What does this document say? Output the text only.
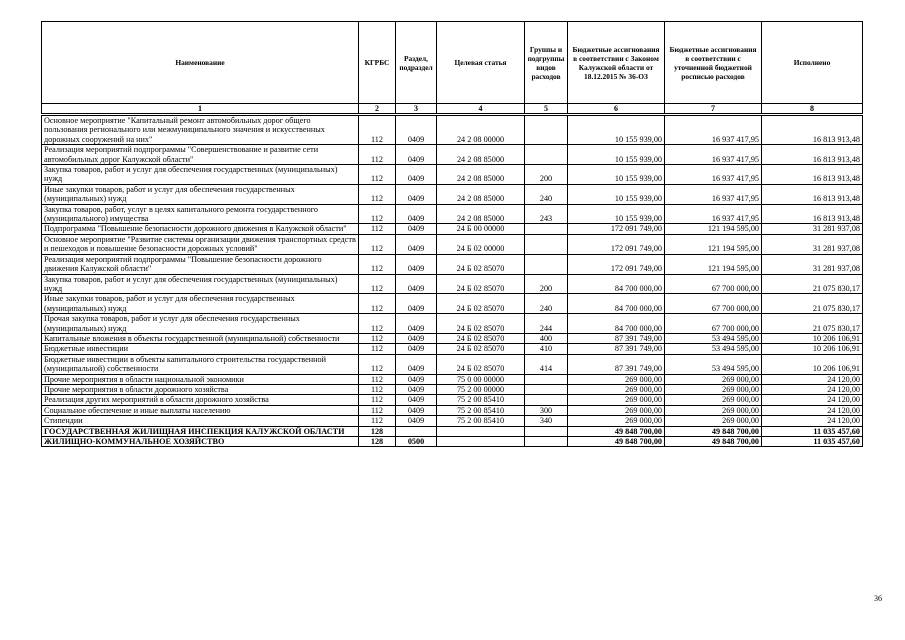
Наименование	КГРБС	Раздел, подраздел	Целевая статья	Группы и подгруппы видов расходов	Бюджетные ассигнования в соответствии с Законом Калужской области от 18.12.2015 № 36-ОЗ	Бюджетные ассигнования в соответствии с уточненной бюджетной росписью расходов	Исполнено
1	2	3	4	5	6	7	8
Основное мероприятие "Капитальный ремонт автомобильных дорог общего пользования регионального или межмуниципального значения и искусственных дорожных сооружений на них"	112	0409	24 2 08 00000		10 155 939,00	16 937 417,95	16 813 913,48
Реализация мероприятий подпрограммы "Совершенствование и развитие сети автомобильных дорог Калужской области"	112	0409	24 2 08 85000		10 155 939,00	16 937 417,95	16 813 913,48
Закупка товаров, работ и услуг для обеспечения государственных (муниципальных) нужд	112	0409	24 2 08 85000	200	10 155 939,00	16 937 417,95	16 813 913,48
Иные закупки товаров, работ и услуг для обеспечения государственных (муниципальных) нужд	112	0409	24 2 08 85000	240	10 155 939,00	16 937 417,95	16 813 913,48
Закупка товаров, работ, услуг в целях капитального ремонта государственного (муниципального) имущества	112	0409	24 2 08 85000	243	10 155 939,00	16 937 417,95	16 813 913,48
Подпрограмма "Повышение безопасности дорожного движения в Калужской области"	112	0409	24 Б 00 00000		172 091 749,00	121 194 595,00	31 281 937,08
Основное мероприятие "Развитие системы организации движения транспортных средств и пешеходов и повышение безопасности дорожных условий"	112	0409	24 Б 02 00000		172 091 749,00	121 194 595,00	31 281 937,08
Реализация мероприятий подпрограммы "Повышение безопасности дорожного движения Калужской области"	112	0409	24 Б 02 85070		172 091 749,00	121 194 595,00	31 281 937,08
Закупка товаров, работ и услуг для обеспечения государственных (муниципальных) нужд	112	0409	24 Б 02 85070	200	84 700 000,00	67 700 000,00	21 075 830,17
Иные закупки товаров, работ и услуг для обеспечения государственных (муниципальных) нужд	112	0409	24 Б 02 85070	240	84 700 000,00	67 700 000,00	21 075 830,17
Прочая закупка товаров, работ и услуг для обеспечения государственных (муниципальных) нужд	112	0409	24 Б 02 85070	244	84 700 000,00	67 700 000,00	21 075 830,17
Капитальные вложения в объекты государственной (муниципальной) собственности	112	0409	24 Б 02 85070	400	87 391 749,00	53 494 595,00	10 206 106,91
Бюджетные инвестиции	112	0409	24 Б 02 85070	410	87 391 749,00	53 494 595,00	10 206 106,91
Бюджетные инвестиции в объекты капитального строительства государственной (муниципальной) собственности	112	0409	24 Б 02 85070	414	87 391 749,00	53 494 595,00	10 206 106,91
Прочие мероприятия в области национальной экономики	112	0409	75 0 00 00000		269 000,00	269 000,00	24 120,00
Прочие мероприятия в области дорожного хозяйства	112	0409	75 2 00 00000		269 000,00	269 000,00	24 120,00
Реализация других мероприятий в области дорожного хозяйства	112	0409	75 2 00 85410		269 000,00	269 000,00	24 120,00
Социальное обеспечение и иные выплаты населению	112	0409	75 2 00 85410	300	269 000,00	269 000,00	24 120,00
Стипендии	112	0409	75 2 00 85410	340	269 000,00	269 000,00	24 120,00
ГОСУДАРСТВЕННАЯ ЖИЛИЩНАЯ ИНСПЕКЦИЯ КАЛУЖСКОЙ ОБЛАСТИ	128				49 848 700,00	49 848 700,00	11 035 457,60
ЖИЛИЩНО-КОММУНАЛЬНОЕ ХОЗЯЙСТВО	128	0500			49 848 700,00	49 848 700,00	11 035 457,60
36
